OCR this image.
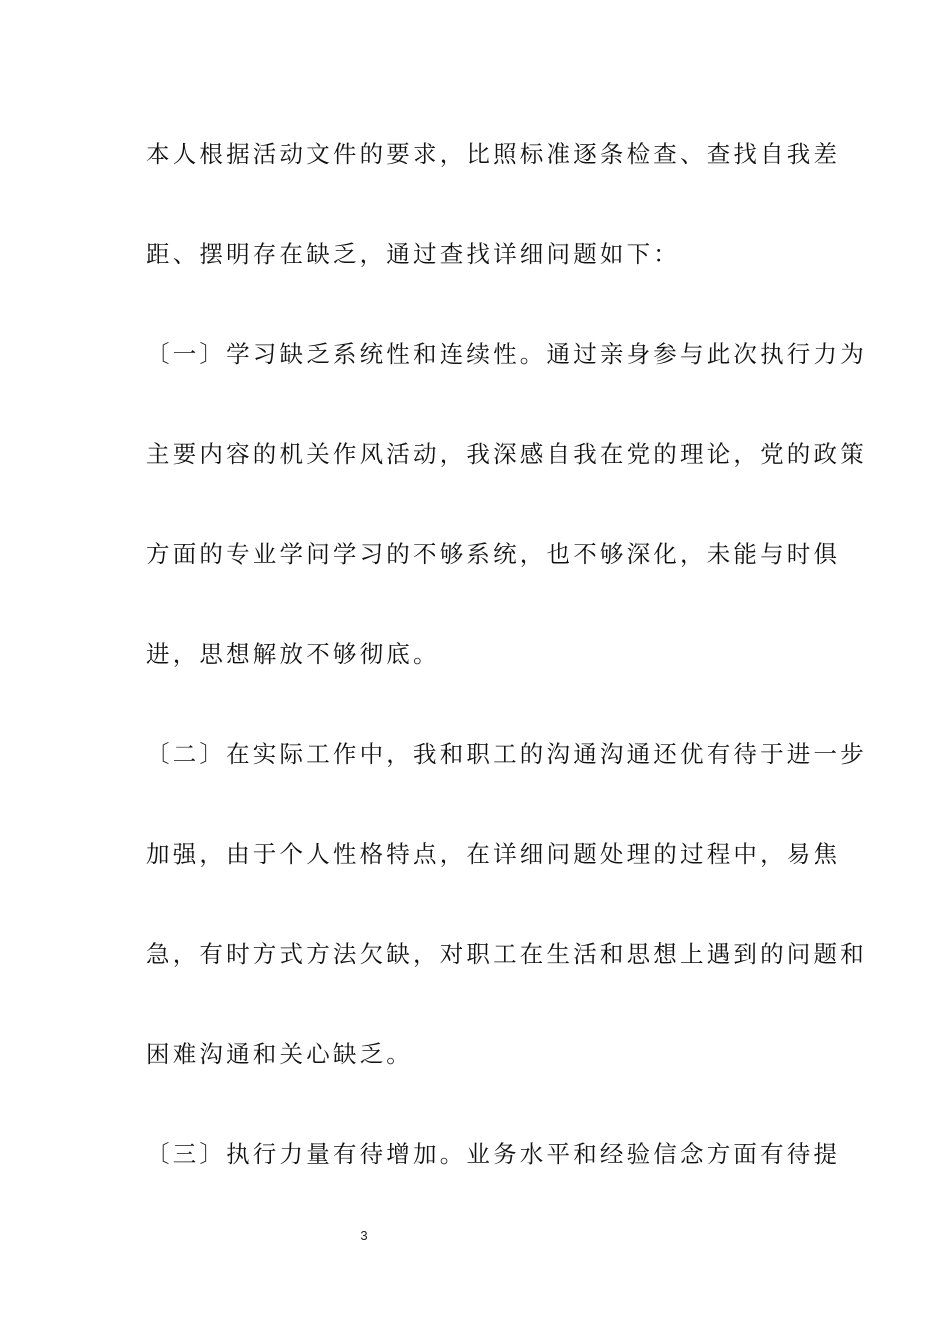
本人根据活动文件的要求，比照标准逐条检查、查找自我差
距、摆明存在缺乏，通过查找详细问题如下：
〔一〕学习缺乏系统性和连续性。通过亲身参与此次执行力为
主要内容的机关作风活动，我深感自我在党的理论，党的政策
方面的专业学问学习的不够系统，也不够深化，未能与时俱
进，思想解放不够彻底。
〔二〕在实际工作中，我和职工的沟通沟通还优有待于进一步
加强，由于个人性格特点，在详细问题处理的过程中，易焦
急，有时方式方法欠缺，对职工在生活和思想上遇到的问题和
困难沟通和关心缺乏。
〔三〕执行力量有待增加。业务水平和经验信念方面有待提
3
